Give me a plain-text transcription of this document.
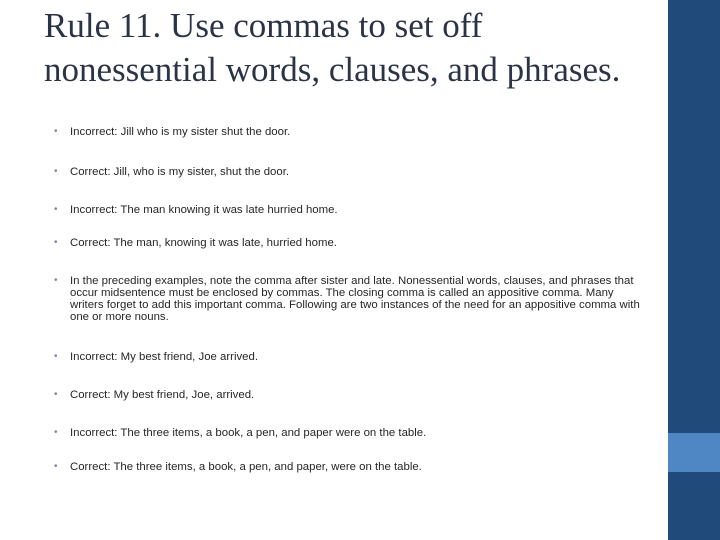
Rule 11. Use commas to set off nonessential words, clauses, and phrases.
• Incorrect: Jill who is my sister shut the door.
• Correct: Jill, who is my sister, shut the door.
• Incorrect: The man knowing it was late hurried home.
• Correct: The man, knowing it was late, hurried home.
• In the preceding examples, note the comma after sister and late. Nonessential words, clauses, and phrases that occur midsentence must be enclosed by commas. The closing comma is called an appositive comma. Many writers forget to add this important comma. Following are two instances of the need for an appositive comma with one or more nouns.
• Incorrect: My best friend, Joe arrived.
• Correct: My best friend, Joe, arrived.
• Incorrect: The three items, a book, a pen, and paper were on the table.
• Correct: The three items, a book, a pen, and paper, were on the table.
